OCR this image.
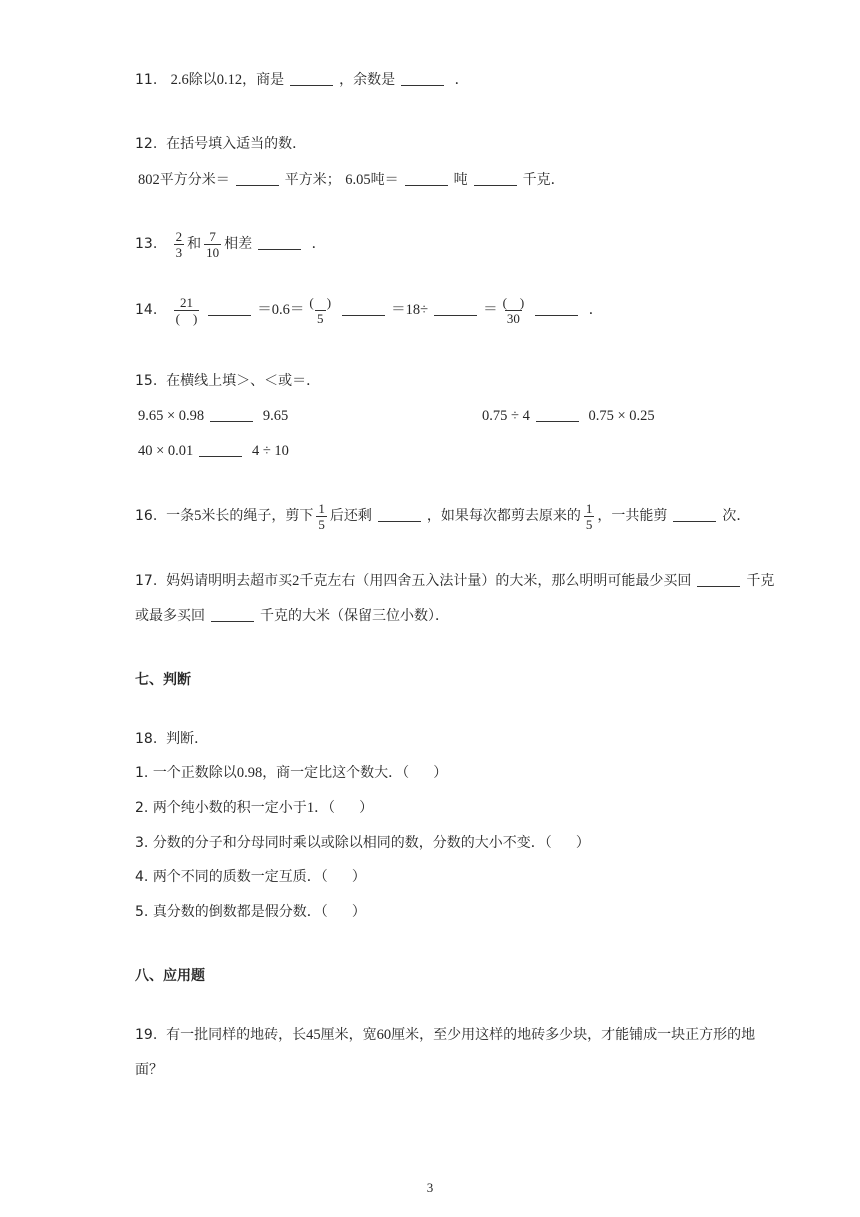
11. 2.6除以0.12，商是	，余数是	．
12. 在括号填入适当的数．
802平方分米＝	平方米； 6.05吨＝	吨	千克．
13. $\frac{2}{3}$ 和 $\frac{7}{10}$ 相差	．
14. $\frac{21}{( )}$	$=0.6= \frac{( )}{5}$	＝18÷	＝ $\frac{( )}{30}$	．
15. 在横线上填＞、＜或＝．
9.65 × 0.98	9.65	0.75 ÷ 4	0.75 × 0.25
40 × 0.01	4 ÷ 10
16. 一条5米长的绳子，剪下 $\frac{1}{5}$ 后还剩	，如果每次都剪去原来的 $\frac{1}{5}$ ，一共能剪	次．
17. 妈妈请明明去超市买2千克左右（用四舍五入法计量）的大米，那么明明可能最少买回	千克
或最多买回	千克的大米（保留三位小数）．
七、判断
18. 判断．
1. 一个正数除以0.98，商一定比这个数大．（ ）
2. 两个纯小数的积一定小于1．（ ）
3. 分数的分子和分母同时乘以或除以相同的数，分数的大小不变．（ ）
4. 两个不同的质数一定互质．（ ）
5. 真分数的倒数都是假分数．（ ）
八、应用题
19. 有一批同样的地砖，长45厘米，宽60厘米，至少用这样的地砖多少块，才能铺成一块正方形的地
面？
3
